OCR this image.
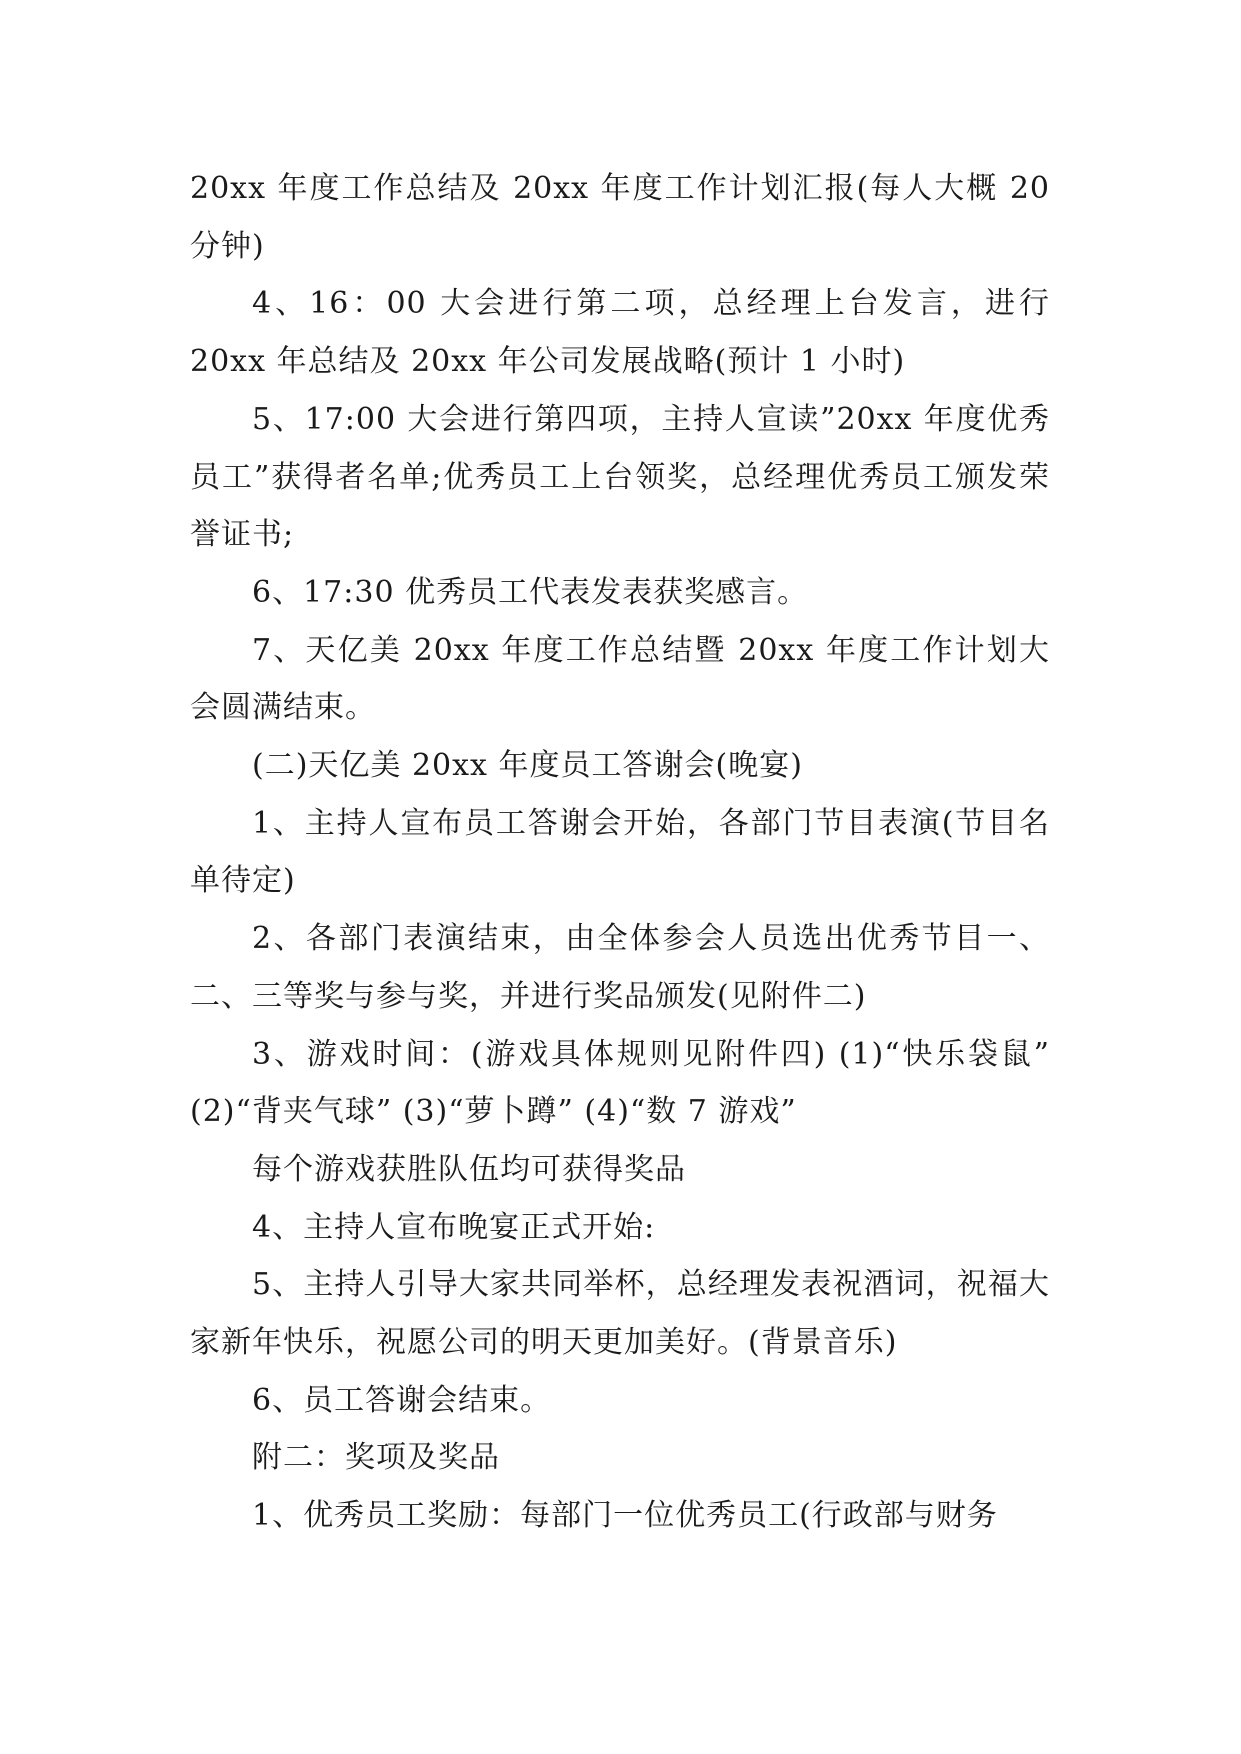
20xx 年度工作总结及 20xx 年度工作计划汇报(每人大概 20 分钟)

4、16：00 大会进行第二项，总经理上台发言，进行 20xx 年总结及 20xx 年公司发展战略(预计 1 小时)

5、17:00 大会进行第四项，主持人宣读”20xx 年度优秀员工”获得者名单;优秀员工上台领奖，总经理优秀员工颁发荣誉证书;

6、17:30 优秀员工代表发表获奖感言。

7、天亿美 20xx 年度工作总结暨 20xx 年度工作计划大会圆满结束。

(二)天亿美 20xx 年度员工答谢会(晚宴)

1、主持人宣布员工答谢会开始，各部门节目表演(节目名单待定)

2、各部门表演结束，由全体参会人员选出优秀节目一、二、三等奖与参与奖，并进行奖品颁发(见附件二)

3、游戏时间：(游戏具体规则见附件四) (1)“快乐袋鼠” (2)“背夹气球” (3)“萝卜蹲” (4)“数 7 游戏”

每个游戏获胜队伍均可获得奖品

4、主持人宣布晚宴正式开始:

5、主持人引导大家共同举杯，总经理发表祝酒词，祝福大家新年快乐，祝愿公司的明天更加美好。(背景音乐)

6、员工答谢会结束。

附二：奖项及奖品

1、优秀员工奖励：每部门一位优秀员工(行政部与财务
